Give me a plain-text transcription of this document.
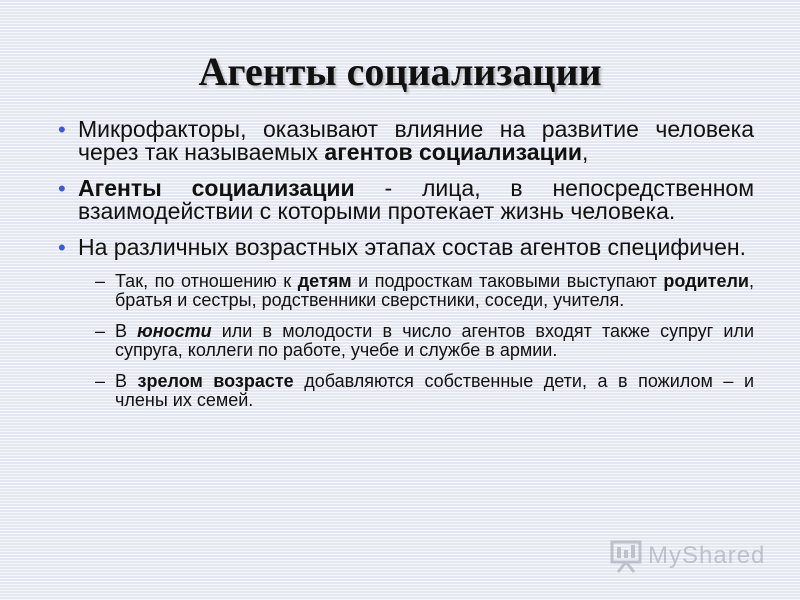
Агенты социализации
• Микрофакторы, оказывают влияние на развитие человека через так называемых агентов социализации,
• Агенты социализации - лица, в непосредственном взаимодействии с которыми протекает жизнь человека.
• На различных возрастных этапах состав агентов специфичен.
– Так, по отношению к детям и подросткам таковыми выступают родители, братья и сестры, родственники сверстники, соседи, учителя.
– В юности или в молодости в число агентов входят также супруг или супруга, коллеги по работе, учебе и службе в армии.
– В зрелом возрасте добавляются собственные дети, а в пожилом – и члены их семей.
MyShared
